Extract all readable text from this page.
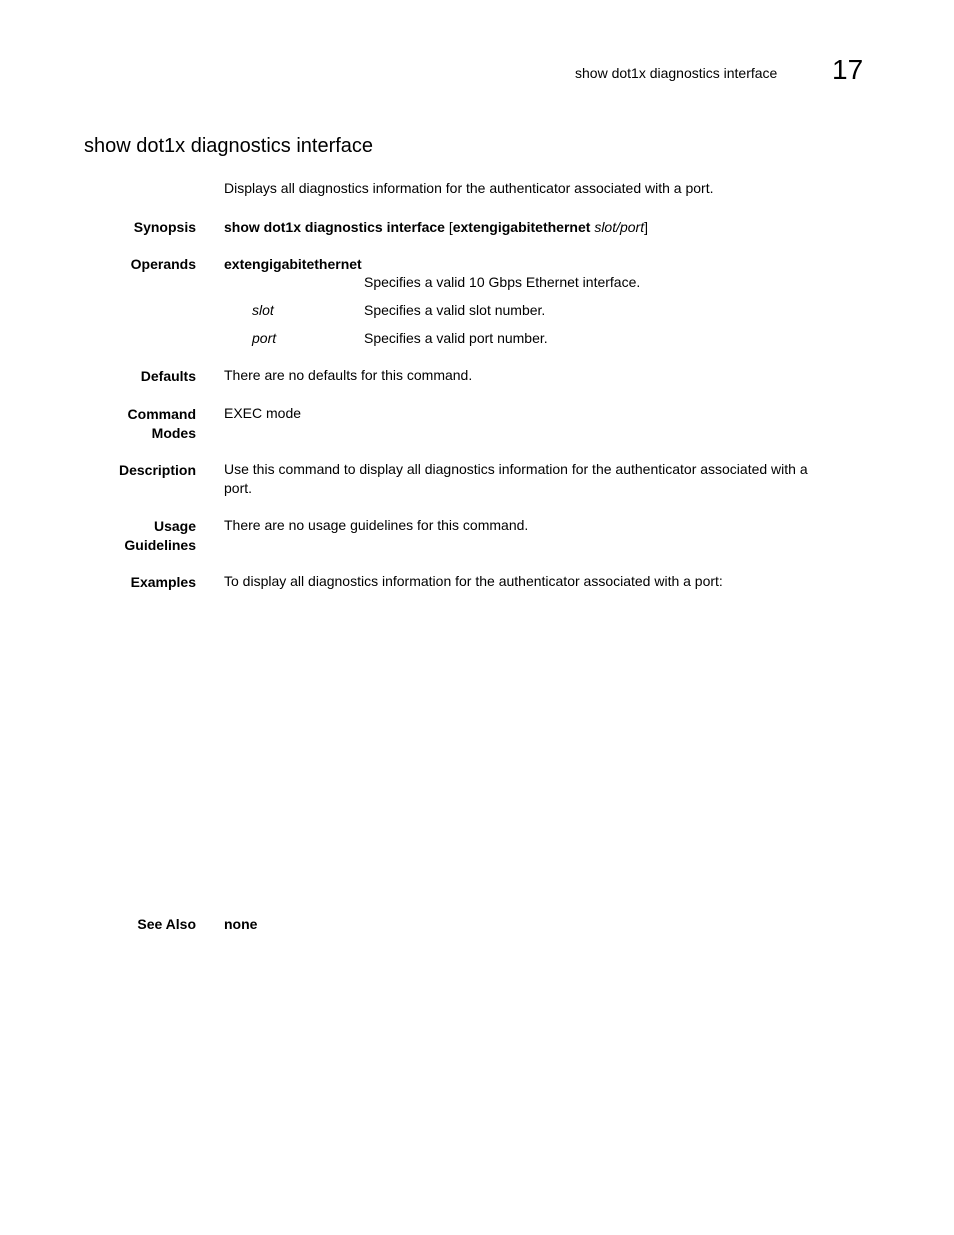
show dot1x diagnostics interface 17
show dot1x diagnostics interface
Displays all diagnostics information for the authenticator associated with a port.
Synopsis show dot1x diagnostics interface [extengigabitethernet slot/port]
Operands extengigabitethernet
Specifies a valid 10 Gbps Ethernet interface.
slot	Specifies a valid slot number.
port	Specifies a valid port number.
Defaults There are no defaults for this command.
Command
Modes
EXEC mode
Description Use this command to display all diagnostics information for the authenticator associated with a
port.
Usage
Guidelines
There are no usage guidelines for this command.
Examples To display all diagnostics information for the authenticator associated with a port:
See Also none
